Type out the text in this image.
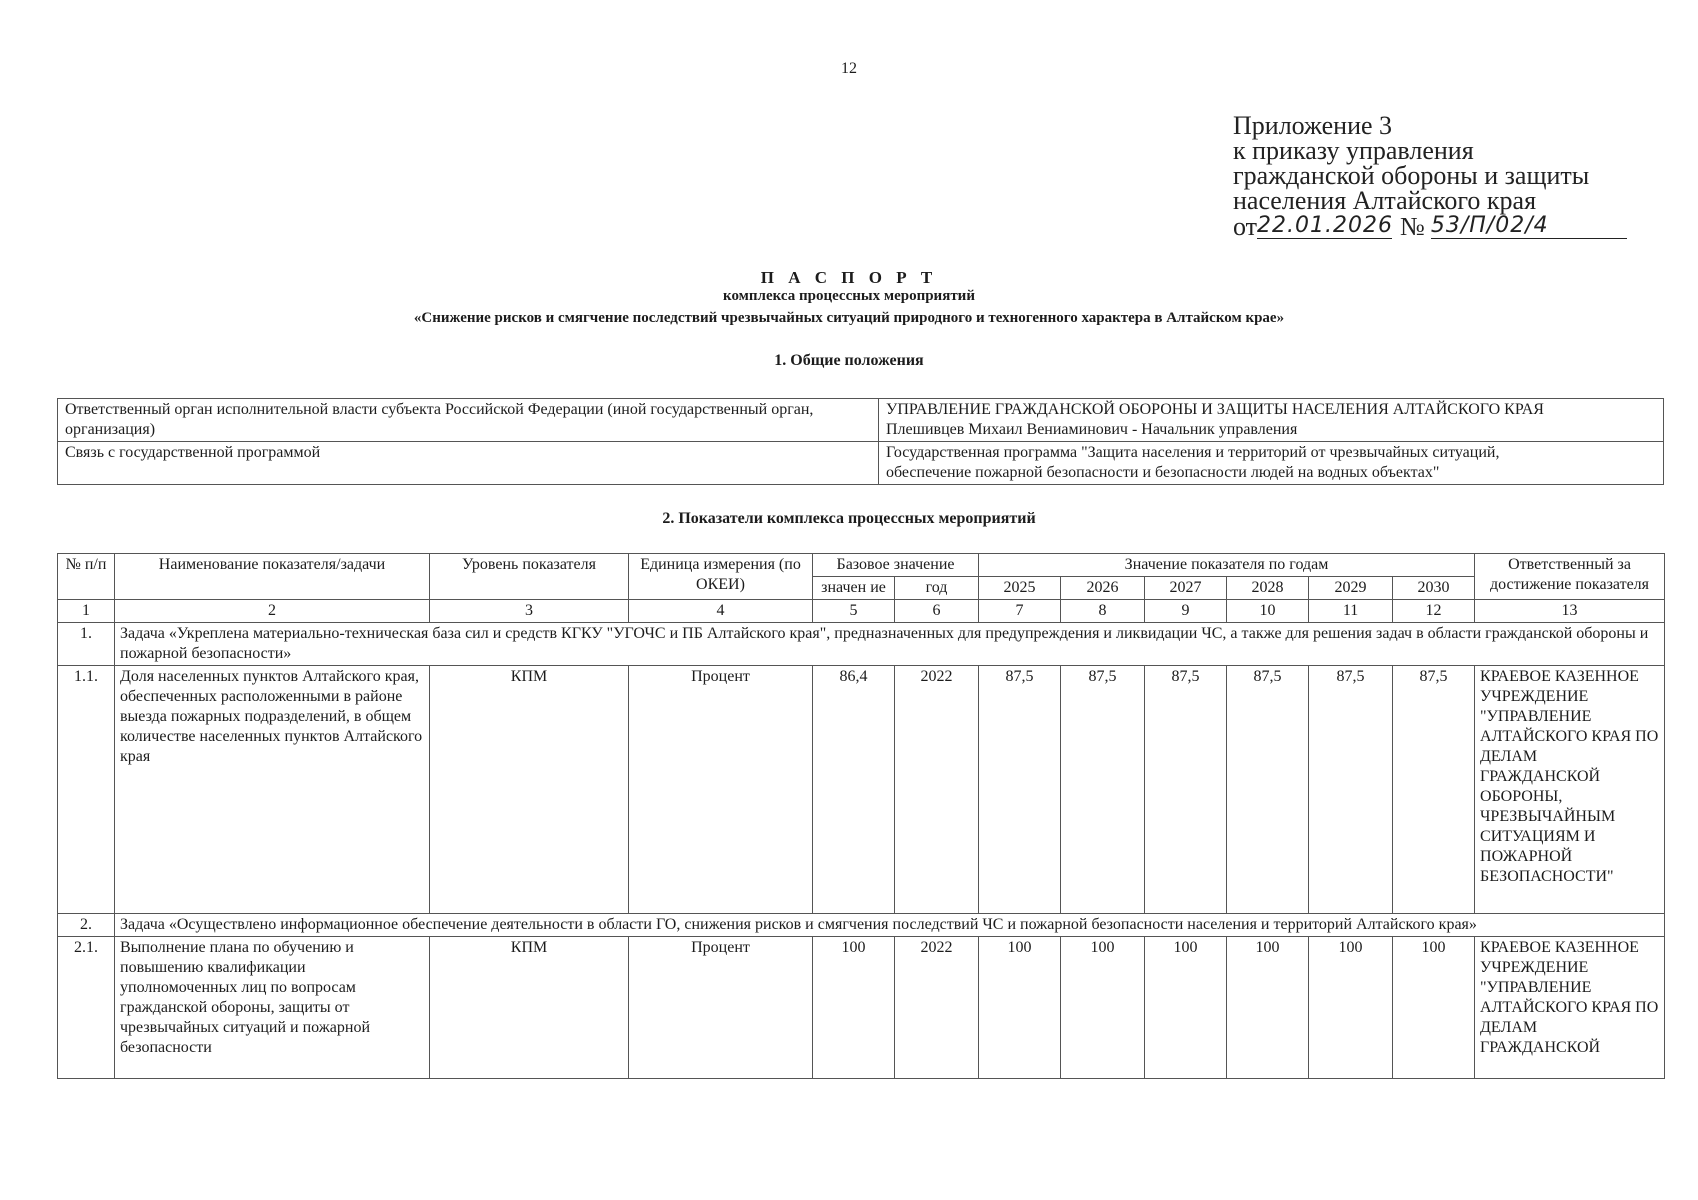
12
Приложение 3
к приказу управления
гражданской обороны и защиты
населения Алтайского края
от 22.01.2026 № 53/П/02/4
П А С П О Р Т
комплекса процессных мероприятий
«Снижение рисков и смягчение последствий чрезвычайных ситуаций природного и техногенного характера в Алтайском крае»
1. Общие положения
Ответственный орган исполнительной власти субъекта Российской Федерации (иной государственный орган, организация)	УПРАВЛЕНИЕ ГРАЖДАНСКОЙ ОБОРОНЫ И ЗАЩИТЫ НАСЕЛЕНИЯ АЛТАЙСКОГО КРАЯ
Плешивцев Михаил Вениаминович - Начальник управления

Связь с государственной программой	Государственная программа "Защита населения и территорий от чрезвычайных ситуаций,
обеспечение пожарной безопасности и безопасности людей на водных объектах"
2. Показатели комплекса процессных мероприятий
№ п/п	Наименование показателя/задачи	Уровень показателя	Единица измерения (по ОКЕИ)	Базовое значение		Значение показателя по годам						Ответственный за достижение показателя
				значен ие	год	2025	2026	2027	2028	2029	2030	
1	2	3	4	5	6	7	8	9	10	11	12	13
1.	Задача «Укреплена материально-техническая база сил и средств КГКУ "УГОЧС и ПБ Алтайского края", предназначенных для предупреждения и ликвидации ЧС, а также для решения задач в области гражданской обороны и пожарной безопасности»											
1.1.	Доля населенных пунктов Алтайского края, обеспеченных расположенными в районе выезда пожарных подразделений, в общем количестве населенных пунктов Алтайского края	КПМ	Процент	86,4	2022	87,5	87,5	87,5	87,5	87,5	87,5	КРАЕВОЕ КАЗЕННОЕ УЧРЕЖДЕНИЕ "УПРАВЛЕНИЕ АЛТАЙСКОГО КРАЯ ПО ДЕЛАМ ГРАЖДАНСКОЙ ОБОРОНЫ, ЧРЕЗВЫЧАЙНЫМ СИТУАЦИЯМ И ПОЖАРНОЙ БЕЗОПАСНОСТИ"
2.	Задача «Осуществлено информационное обеспечение деятельности в области ГО, снижения рисков и смягчения последствий ЧС и пожарной безопасности населения и территорий Алтайского края»											
2.1.	Выполнение плана по обучению и повышению квалификации уполномоченных лиц по вопросам гражданской обороны, защиты от чрезвычайных ситуаций и пожарной безопасности	КПМ	Процент	100	2022	100	100	100	100	100	100	КРАЕВОЕ КАЗЕННОЕ УЧРЕЖДЕНИЕ "УПРАВЛЕНИЕ АЛТАЙСКОГО КРАЯ ПО ДЕЛАМ ГРАЖДАНСКОЙ
